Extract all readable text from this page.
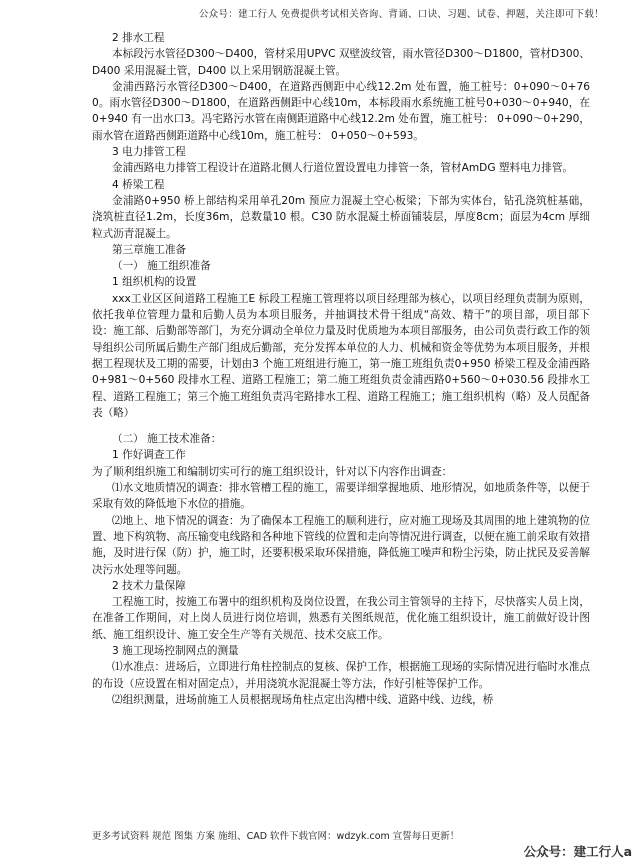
公众号：建工行人 免费提供考试相关咨询、背诵、口诀、习题、试卷、押题，关注即可下载！

2 排水工程

本标段污水管径D300～D400，管材采用UPVC 双壁波纹管，雨水管径D300～D1800，管材D300、D400 采用混凝土管，D400 以上采用钢筋混凝土管。

金浦西路污水管径D300～D400，在道路西侧距中心线12.2m 处布置，施工桩号：0+090～0+760。雨水管径D300～D1800，在道路西侧距中心线10m，本标段雨水系统施工桩号0+030～0+940，在0+940 有一出水口3。冯宅路污水管在南侧距道路中心线12.2m 处布置，施工桩号： 0+090～0+290，雨水管在道路西侧距道路中心线10m，施工桩号： 0+050～0+593。

3 电力排管工程

金浦西路电力排管工程设计在道路北侧人行道位置设置电力排管一条，管材AmDG 塑料电力排管。

4 桥梁工程

金浦路0+950 桥上部结构采用单孔20m 预应力混凝土空心板梁；下部为实体台，钻孔浇筑桩基础，浇筑桩直径1.2m，长度36m，总数量10 根。C30 防水混凝土桥面铺装层，厚度8cm；面层为4cm 厚细粒式沥青混凝土。

第三章施工准备

（一） 施工组织准备

1 组织机构的设置

xxx工业区区间道路工程施工E 标段工程施工管理将以项目经理部为核心，以项目经理负责制为原则，依托我单位管理力量和后勤人员为本项目服务，并抽调技术骨干组成“高效、精干”的项目部，项目部下设：施工部、后勤部等部门，为充分调动全单位力量及时优质地为本项目部服务，由公司负责行政工作的领导组织公司所属后勤生产部门组成后勤部，充分发挥本单位的人力、机械和资金等优势为本项目服务，并根据工程现状及工期的需要，计划由3 个施工班组进行施工，第一施工班组负责0+950 桥梁工程及金浦西路0+981～0+560 段排水工程、道路工程施工；第二施工班组负责金浦西路0+560～0+030.56 段排水工程、道路工程施工；第三个施工班组负责冯宅路排水工程、道路工程施工；施工组织机构（略）及人员配备表（略）

（二） 施工技术准备：

1 作好调查工作

为了顺利组织施工和编制切实可行的施工组织设计，针对以下内容作出调查：

⑴水文地质情况的调查：排水管槽工程的施工，需要详细掌握地质、地形情况，如地质条件等，以便于采取有效的降低地下水位的措施。

⑵地上、地下情况的调查：为了确保本工程施工的顺利进行，应对施工现场及其周围的地上建筑物的位置、地下构筑物、高压输变电线路和各种地下管线的位置和走向等情况进行调查，以便在施工前采取有效措施，及时进行保（防）护，施工时，还要积极采取环保措施，降低施工噪声和粉尘污染，防止扰民及妥善解决污水处理等问题。

2 技术力量保障

工程施工时，按施工布署中的组织机构及岗位设置，在我公司主管领导的主持下，尽快落实人员上岗，在准备工作期间，对上岗人员进行岗位培训，熟悉有关图纸规范，优化施工组织设计，施工前做好设计图纸、施工组织设计、施工安全生产等有关规范、技术交底工作。

3 施工现场控制网点的测量

⑴水准点：进场后，立即进行角柱控制点的复核、保护工作，根据施工现场的实际情况进行临时水准点的布设（应设置在相对固定点），并用浇筑水泥混凝土等方法，作好引桩等保护工作。

⑵组织测量，进场前施工人员根据现场角柱点定出沟槽中线、道路中线、边线，桥

更多考试资料 规范 图集 方案 施组、CAD 软件下载官网：wdzyk.com 宣誓每日更新！
公众号：建工行人a
